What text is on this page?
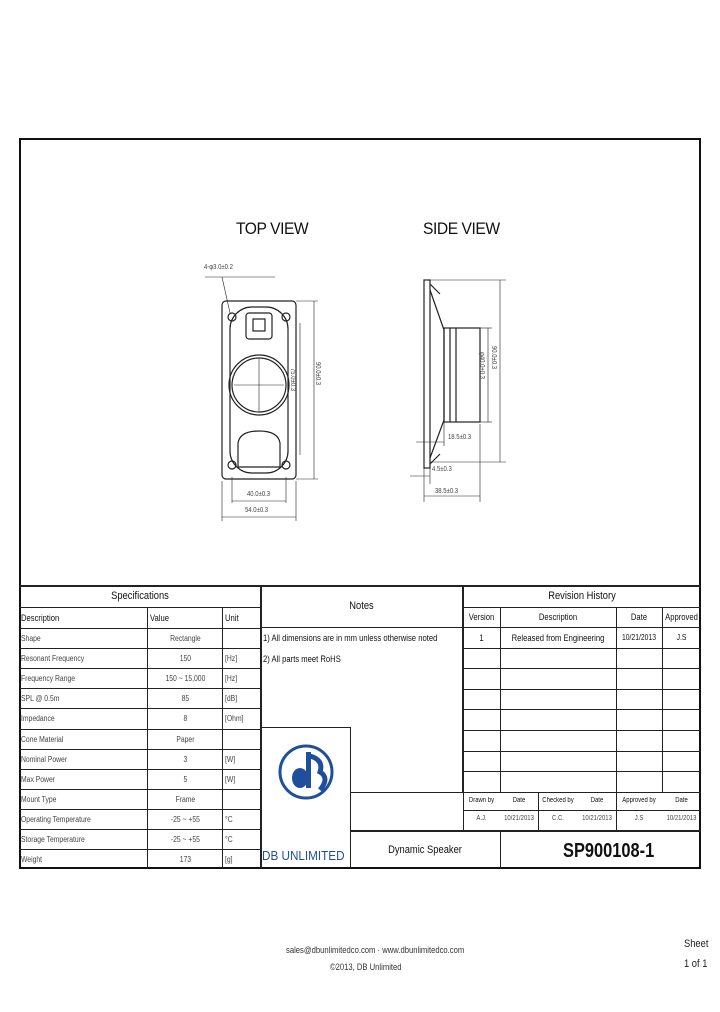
TOP VIEW	SIDE VIEW
4-φ3.0±0.2
75.0±0.3	90.0±0.3
40.0±0.3
54.0±0.3
φ40.0±0.3 90.0±0.3
18.5±0.3
4.5±0.3
38.5±0.3
Specifications
Description	Value	Unit
Shape	Rectangle
Resonant Frequency	150	[Hz]
Frequency Range	150 ~ 15,000	[Hz]
SPL @ 0.5m	85	[dB]
Impedance	8	[Ohm]
Cone Material	Paper
Nominal Power	3	[W]
Max Power	5	[W]
Mount Type	Frame
Operating Temperature	-25 ~ +55	°C
Storage Temperature	-25 ~ +55	°C
Weight	173	[g]
Notes
1) All dimensions are in mm unless otherwise noted
2) All parts meet RoHS
Revision History
Version	Description	Date	Approved
1	Released from Engineering	10/21/2013	J.S
Drawn by	Date	Checked by	Date	Approved by	Date
A.J.	10/21/2013	C.C.	10/21/2013	J.S	10/21/2013
DB UNLIMITED	Dynamic Speaker	SP900108-1
sales@dbunlimitedco.com · www.dbunlimitedco.com
©2013, DB Unlimited
Sheet
1 of 1
